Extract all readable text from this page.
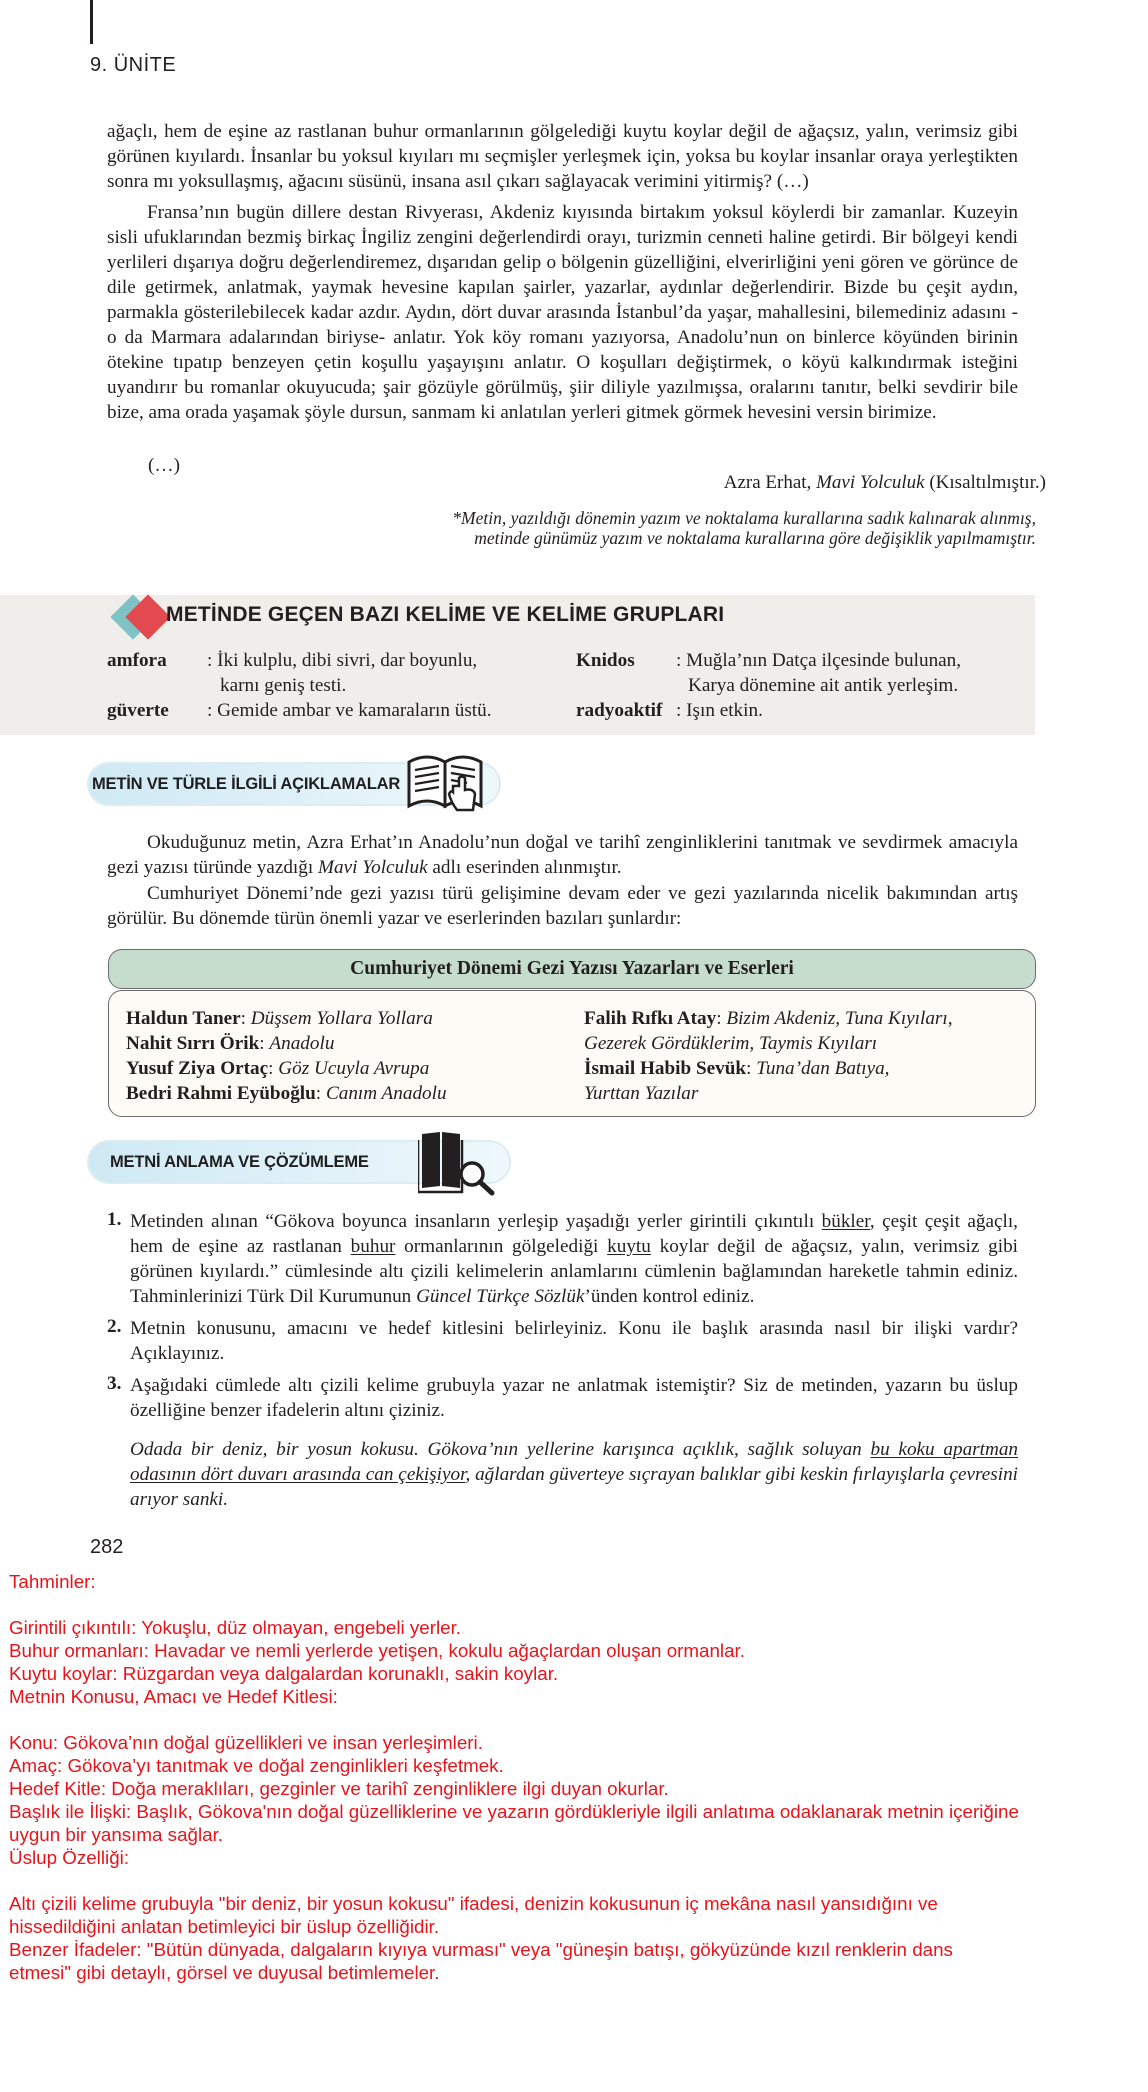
9. ÜNİTE

ağaçlı, hem de eşine az rastlanan buhur ormanlarının gölgelediği kuytu koylar değil de ağaçsız, yalın, verimsiz gibi görünen kıyılardı. İnsanlar bu yoksul kıyıları mı seçmişler yerleşmek için, yoksa bu koylar insanlar oraya yerleştikten sonra mı yoksullaşmış, ağacını süsünü, insana asıl çıkarı sağlayacak verimini yitirmiş? (…)

Fransa’nın bugün dillere destan Rivyerası, Akdeniz kıyısında birtakım yoksul köylerdi bir zamanlar. Kuzeyin sisli ufuklarından bezmiş birkaç İngiliz zengini değerlendirdi orayı, turizmin cenneti haline getirdi. Bir bölgeyi kendi yerlileri dışarıya doğru değerlendiremez, dışarıdan gelip o bölgenin güzelliğini, elverirliğini yeni gören ve görünce de dile getirmek, anlatmak, yaymak hevesine kapılan şairler, yazarlar, aydınlar değerlendirir. Bizde bu çeşit aydın, parmakla gösterilebilecek kadar azdır. Aydın, dört duvar arasında İstanbul’da yaşar, mahallesini, bilemediniz adasını -o da Marmara adalarından biriyse- anlatır. Yok köy romanı yazıyorsa, Anadolu’nun on binlerce köyünden birinin ötekine tıpatıp benzeyen çetin koşullu yaşayışını anlatır. O koşulları değiştirmek, o köyü kalkındırmak isteğini uyandırır bu romanlar okuyucuda; şair gözüyle görülmüş, şiir diliyle yazılmışsa, oralarını tanıtır, belki sevdirir bile bize, ama orada yaşamak şöyle dursun, sanmam ki anlatılan yerleri gitmek görmek hevesini versin birimize.

(…)
Azra Erhat, Mavi Yolculuk (Kısaltılmıştır.)
*Metin, yazıldığı dönemin yazım ve noktalama kurallarına sadık kalınarak alınmış,
metinde günümüz yazım ve noktalama kurallarına göre değişiklik yapılmamıştır.
METİNDE GEÇEN BAZI KELİME VE KELİME GRUPLARI
amfora : İki kulplu, dibi sivri, dar boyunlu,
karnı geniş testi.
güverte : Gemide ambar ve kamaraların üstü.
Knidos : Muğla’nın Datça ilçesinde bulunan,
Karya dönemine ait antik yerleşim.
radyoaktif : Işın etkin.
METİN VE TÜRLE İLGİLİ AÇIKLAMALAR

Okuduğunuz metin, Azra Erhat’ın Anadolu’nun doğal ve tarihî zenginliklerini tanıtmak ve sevdirmek amacıyla gezi yazısı türünde yazdığı Mavi Yolculuk adlı eserinden alınmıştır.

Cumhuriyet Dönemi’nde gezi yazısı türü gelişimine devam eder ve gezi yazılarında nicelik bakımından artış görülür. Bu dönemde türün önemli yazar ve eserlerinden bazıları şunlardır:

Cumhuriyet Dönemi Gezi Yazısı Yazarları ve Eserleri
Haldun Taner: Düşsem Yollara Yollara
Nahit Sırrı Örik: Anadolu
Yusuf Ziya Ortaç: Göz Ucuyla Avrupa
Bedri Rahmi Eyüboğlu: Canım Anadolu
Falih Rıfkı Atay: Bizim Akdeniz, Tuna Kıyıları,
Gezerek Gördüklerim, Taymis Kıyıları
İsmail Habib Sevük: Tuna’dan Batıya,
Yurttan Yazılar
METNİ ANLAMA VE ÇÖZÜMLEME
1. Metinden alınan “Gökova boyunca insanların yerleşip yaşadığı yerler girintili çıkıntılı bükler, çeşit çeşit ağaçlı, hem de eşine az rastlanan buhur ormanlarının gölgelediği kuytu koylar değil de ağaçsız, yalın, verimsiz gibi görünen kıyılardı.” cümlesinde altı çizili kelimelerin anlamlarını cümlenin bağlamından hareketle tahmin ediniz. Tahminlerinizi Türk Dil Kurumunun Güncel Türkçe Sözlük’ünden kontrol ediniz.

2. Metnin konusunu, amacını ve hedef kitlesini belirleyiniz. Konu ile başlık arasında nasıl bir ilişki vardır? Açıklayınız.

3. Aşağıdaki cümlede altı çizili kelime grubuyla yazar ne anlatmak istemiştir? Siz de metinden, yazarın bu üslup özelliğine benzer ifadelerin altını çiziniz.

Odada bir deniz, bir yosun kokusu. Gökova’nın yellerine karışınca açıklık, sağlık soluyan bu koku apartman odasının dört duvarı arasında can çekişiyor, ağlardan güverteye sıçrayan balıklar gibi keskin fırlayışlarla çevresini arıyor sanki.

282
Tahminler:
Girintili çıkıntılı: Yokuşlu, düz olmayan, engebeli yerler.
Buhur ormanları: Havadar ve nemli yerlerde yetişen, kokulu ağaçlardan oluşan ormanlar.
Kuytu koylar: Rüzgardan veya dalgalardan korunaklı, sakin koylar.
Metnin Konusu, Amacı ve Hedef Kitlesi:
Konu: Gökova’nın doğal güzellikleri ve insan yerleşimleri.
Amaç: Gökova’yı tanıtmak ve doğal zenginlikleri keşfetmek.
Hedef Kitle: Doğa meraklıları, gezginler ve tarihî zenginliklere ilgi duyan okurlar.
Başlık ile İlişki: Başlık, Gökova'nın doğal güzelliklerine ve yazarın gördükleriyle ilgili anlatıma odaklanarak metnin içeriğine
uygun bir yansıma sağlar.
Üslup Özelliği:
Altı çizili kelime grubuyla "bir deniz, bir yosun kokusu" ifadesi, denizin kokusunun iç mekâna nasıl yansıdığını ve
hissedildiğini anlatan betimleyici bir üslup özelliğidir.
Benzer İfadeler: "Bütün dünyada, dalgaların kıyıya vurması" veya "güneşin batışı, gökyüzünde kızıl renklerin dans
etmesi" gibi detaylı, görsel ve duyusal betimlemeler.
